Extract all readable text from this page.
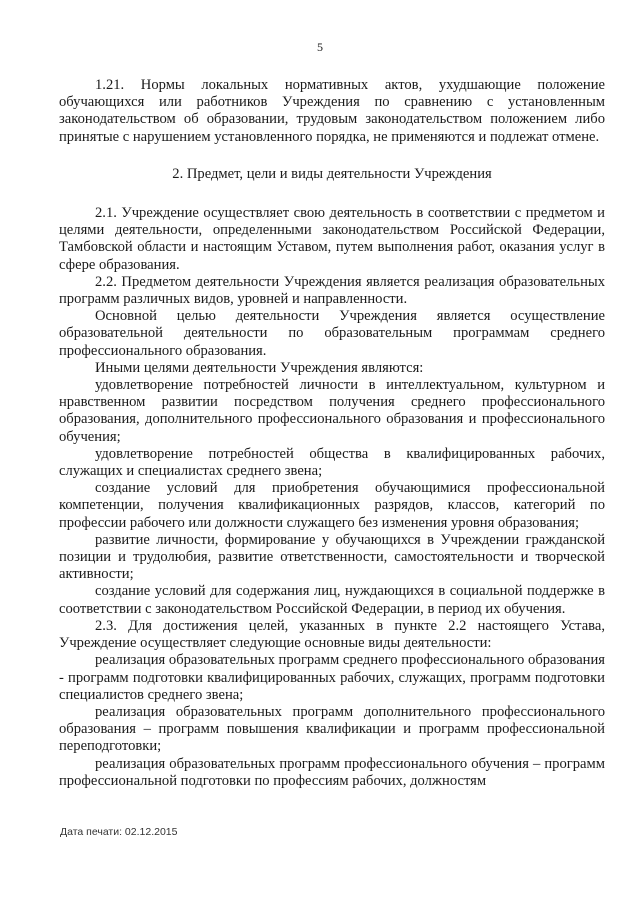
5

1.21. Нормы локальных нормативных актов, ухудшающие положение обучающихся или работников Учреждения по сравнению с установленным законодательством об образовании, трудовым законодательством положением либо принятые с нарушением установленного порядка, не применяются и подлежат отмене.

2. Предмет, цели и виды деятельности Учреждения

2.1. Учреждение осуществляет свою деятельность в соответствии с предметом и целями деятельности, определенными законодательством Российской Федерации, Тамбовской области и настоящим Уставом, путем выполнения работ, оказания услуг в сфере образования.

2.2. Предметом деятельности Учреждения является реализация образовательных программ различных видов, уровней и направленности.

Основной целью деятельности Учреждения является осуществление образовательной деятельности по образовательным программам среднего профессионального образования.

Иными целями деятельности Учреждения являются:

удовлетворение потребностей личности в интеллектуальном, культурном и нравственном развитии посредством получения среднего профессионального образования, дополнительного профессионального образования и профессионального обучения;

удовлетворение потребностей общества в квалифицированных рабочих, служащих и специалистах среднего звена;

создание условий для приобретения обучающимися профессиональной компетенции, получения квалификационных разрядов, классов, категорий по профессии рабочего или должности служащего без изменения уровня образования;

развитие личности, формирование у обучающихся в Учреждении гражданской позиции и трудолюбия, развитие ответственности, самостоятельности и творческой активности;

создание условий для содержания лиц, нуждающихся в социальной поддержке в соответствии с законодательством Российской Федерации, в период их обучения.

2.3. Для достижения целей, указанных в пункте 2.2 настоящего Устава, Учреждение осуществляет следующие основные виды деятельности:

реализация образовательных программ среднего профессионального образования - программ подготовки квалифицированных рабочих, служащих, программ подготовки специалистов среднего звена;

реализация образовательных программ дополнительного профессионального образования – программ повышения квалификации и программ профессиональной переподготовки;

реализация образовательных программ профессионального обучения – программ профессиональной подготовки по профессиям рабочих, должностям

Дата печати: 02.12.2015
